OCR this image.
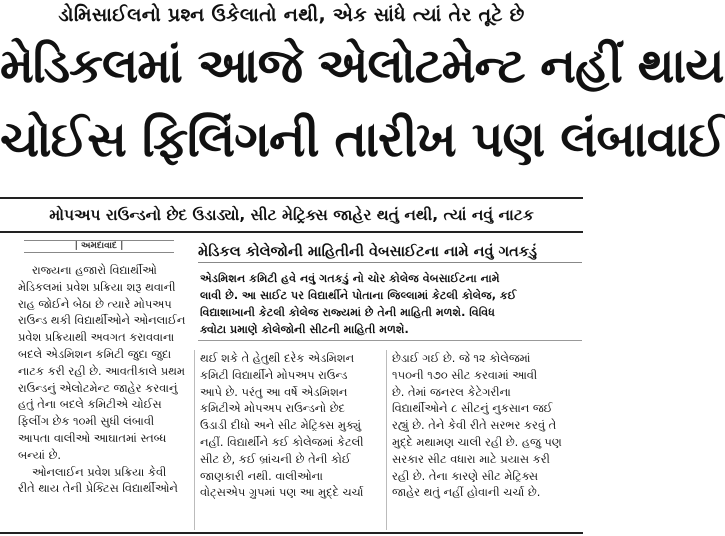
ડોમિસાઈલનો પ્રશ્ન ઉકેલાતો નથી, એક સાંધે ત્યાં તેર તૂટે છે
મેડિકલમાં આજે એલોટમેન્ટ નહીં થાય
ચોઈસ ફિલિંગની તારીખ પણ લંબાવાઈ
મોપઅપ રાઉન્ડનો છેદ ઉડાડ્યો, સીટ મેટ્રિક્સ જાહેર થતું નથી, ત્યાં નવું નાટક
| અમદાવાદ |	મેડિકલ કોલેજોની માહિતીની વેબસાઈટના નામે નવું ગતકડું
એડમિશન કમિટી હવે નવું ગતકડું નો ચોર કોલેજ વેબસાઈટના નામે
લાવી છે. આ સાઈટ પર વિદ્યાર્થીને પોતાના જિલ્લામાં કેટલી કોલેજ, કઈ
વિદ્યાશાખાની કેટલી કોલેજ રાજ્યમાં છે તેની માહિતી મળશે. વિવિધ
ક્વોટા પ્રમાણે કોલેજોની સીટની માહિતી મળશે.
રાજ્યના હજારો વિદ્યાર્થીઓ
મેડિકલમાં પ્રવેશ પ્રક્રિયા શરૂ થવાની
રાહ જોઈને બેઠા છે ત્યારે મોપઅપ
રાઉન્ડ થકી વિદ્યાર્થીઓને ઓનલાઈન
પ્રવેશ પ્રક્રિયાથી અવગત કરાવવાના
બદલે એડમિશન કમિટી જુદા જુદા
નાટક કરી રહી છે. આવતીકાલે પ્રથમ
રાઉન્ડનું એલોટમેન્ટ જાહેર કરવાનું
હતું તેના બદલે કમિટીએ ચોઈસ
ફિલીંગ છેક ૧૦મી સુધી લંબાવી
આપતા વાલીઓ આઘાતમાં સ્તબ્ધ
બન્યાં છે.
ઓનલાઈન પ્રવેશ પ્રક્રિયા કેવી
રીતે થાય તેની પ્રેક્ટિસ વિદ્યાર્થીઓને
થઈ શકે તે હેતુથી દરેક એડમિશન
કમિટી વિદ્યાર્થીને મોપઅપ રાઉન્ડ
આપે છે. પરંતુ આ વર્ષે એડમિશન
કમિટીએ મોપઅપ રાઉન્ડનો છેદ
ઉડાડી દીધો અને સીટ મેટ્રિક્સ મુક્યું
નહીં. વિદ્યાર્થીને કઈ કોલેજમાં કેટલી
સીટ છે, કઈ બ્રાંચની છે તેની કોઈ
જાણકારી નથી. વાલીઓના
વોટ્સએપ ગ્રુપમાં પણ આ મુદ્દે ચર્ચા
છેડાઈ ગઈ છે. જે ૧૨ કોલેજમાં
૧૫૦ની ૧૭૦ સીટ કરવામાં આવી
છે. તેમાં જનરલ કેટેગરીના
વિદ્યાર્થીઓને ૮ સીટનું નુકસાન જઈ
રહ્યું છે. તેને કેવી રીતે સરભર કરવું તે
મુદ્દે મથામણ ચાલી રહી છે. હજુ પણ
સરકાર સીટ વધારા માટે પ્રયાસ કરી
રહી છે. તેના કારણે સીટ મેટ્રિક્સ
જાહેર થતું નહીં હોવાની ચર્ચા છે.
